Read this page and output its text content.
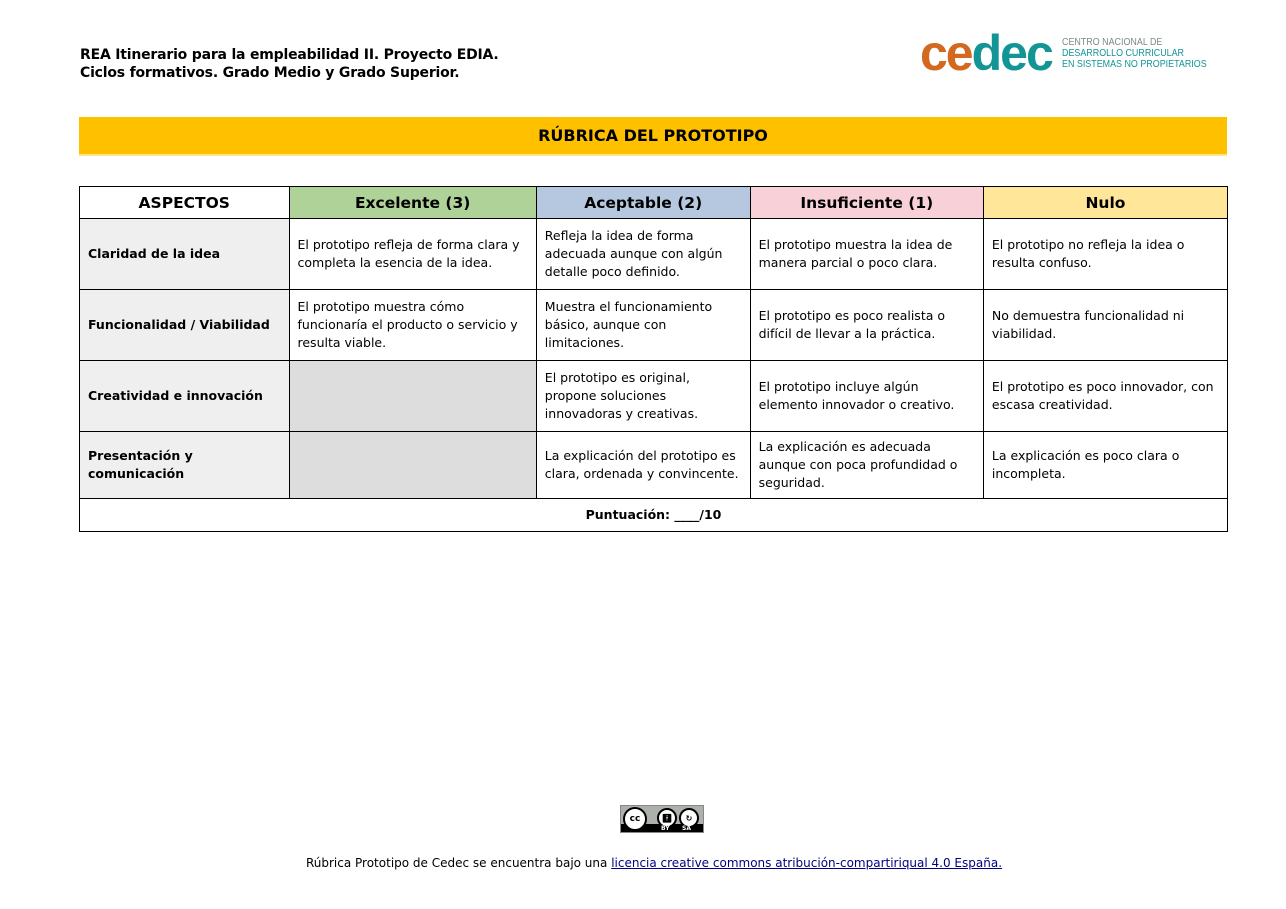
REA Itinerario para la empleabilidad II. Proyecto EDIA.
Ciclos formativos. Grado Medio y Grado Superior.	cedec CENTRO NACIONAL DE
DESARROLLO CURRICULAR
EN SISTEMAS NO PROPIETARIOS
RÚBRICA DEL PROTOTIPO
ASPECTOS	Excelente (3)	Aceptable (2)	Insuficiente (1)	Nulo
Claridad de la idea	El prototipo refleja de forma clara y completa la esencia de la idea.	Refleja la idea de forma adecuada aunque con algún detalle poco definido.	El prototipo muestra la idea de manera parcial o poco clara.	El prototipo no refleja la idea o resulta confuso.
Funcionalidad / Viabilidad	El prototipo muestra cómo funcionaría el producto o servicio y resulta viable.	Muestra el funcionamiento básico, aunque con limitaciones.	El prototipo es poco realista o difícil de llevar a la práctica.	No demuestra funcionalidad ni viabilidad.
Creatividad e innovación		El prototipo es original, propone soluciones innovadoras y creativas.	El prototipo incluye algún elemento innovador o creativo.	El prototipo es poco innovador, con escasa creatividad.
Presentación y comunicación		La explicación del prototipo es clara, ordenada y convincente.	La explicación es adecuada aunque con poca profundidad o seguridad.	La explicación es poco clara o incompleta.
Puntuación: ____/10				
cc	🚹︎	↻
BY SA
Rúbrica Prototipo de Cedec se encuentra bajo una licencia creative commons atribución-compartiriqual 4.0 España.
